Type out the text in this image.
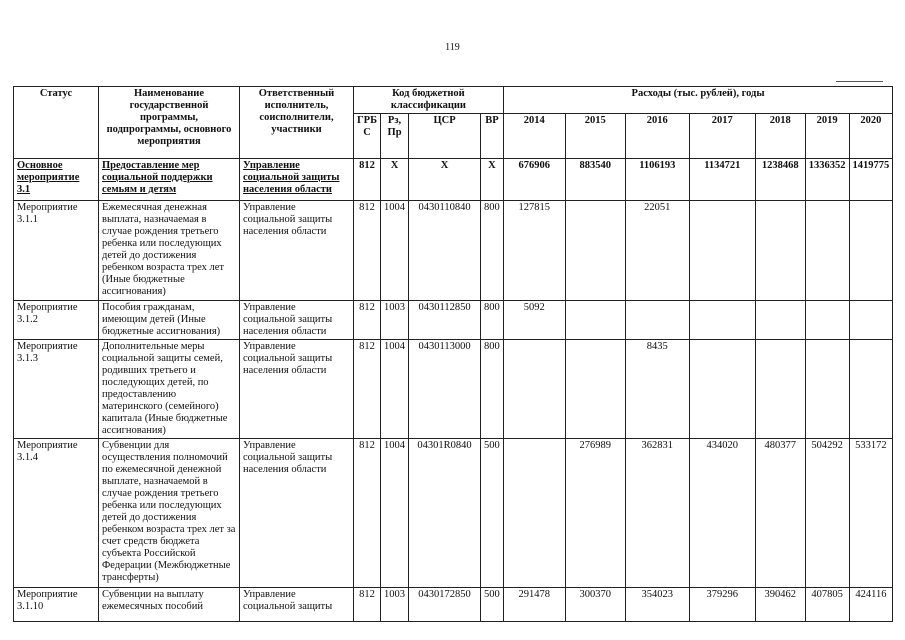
119
Статус	Наименование государственной программы, подпрограммы, основного мероприятия	Ответственный исполнитель, соисполнители, участники	Код бюджетной классификации				Расходы (тыс. рублей), годы						
			ГРБ С	Рз, Пр	ЦСР	ВР	2014	2015	2016	2017	2018	2019	2020
Основное мероприятие 3.1	Предоставление мер социальной поддержки семьям и детям	Управление социальной защиты населения области	812	Х	Х	Х	676906	883540	1106193	1134721	1238468	1336352	1419775
Мероприятие 3.1.1	Ежемесячная денежная выплата, назначаемая в случае рождения третьего ребенка или последующих детей до достижения ребенком возраста трех лет (Иные бюджетные ассигнования)	Управление социальной защиты населения области	812	1004	0430110840	800	127815		22051				
Мероприятие 3.1.2	Пособия гражданам, имеющим детей (Иные бюджетные ассигнования)	Управление социальной защиты населения области	812	1003	0430112850	800	5092						
Мероприятие 3.1.3	Дополнительные меры социальной защиты семей, родивших третьего и последующих детей, по предоставлению материнского (семейного) капитала (Иные бюджетные ассигнования)	Управление социальной защиты населения области	812	1004	0430113000	800			8435				
Мероприятие 3.1.4	Субвенции для осуществления полномочий по ежемесячной денежной выплате, назначаемой в случае рождения третьего ребенка или последующих детей до достижения ребенком возраста трех лет за счет средств бюджета субъекта Российской Федерации (Межбюджетные трансферты)	Управление социальной защиты населения области	812	1004	04301R0840	500		276989	362831	434020	480377	504292	533172
Мероприятие 3.1.10	Субвенции на выплату ежемесячных пособий	Управление социальной защиты	812	1003	0430172850	500	291478	300370	354023	379296	390462	407805	424116
